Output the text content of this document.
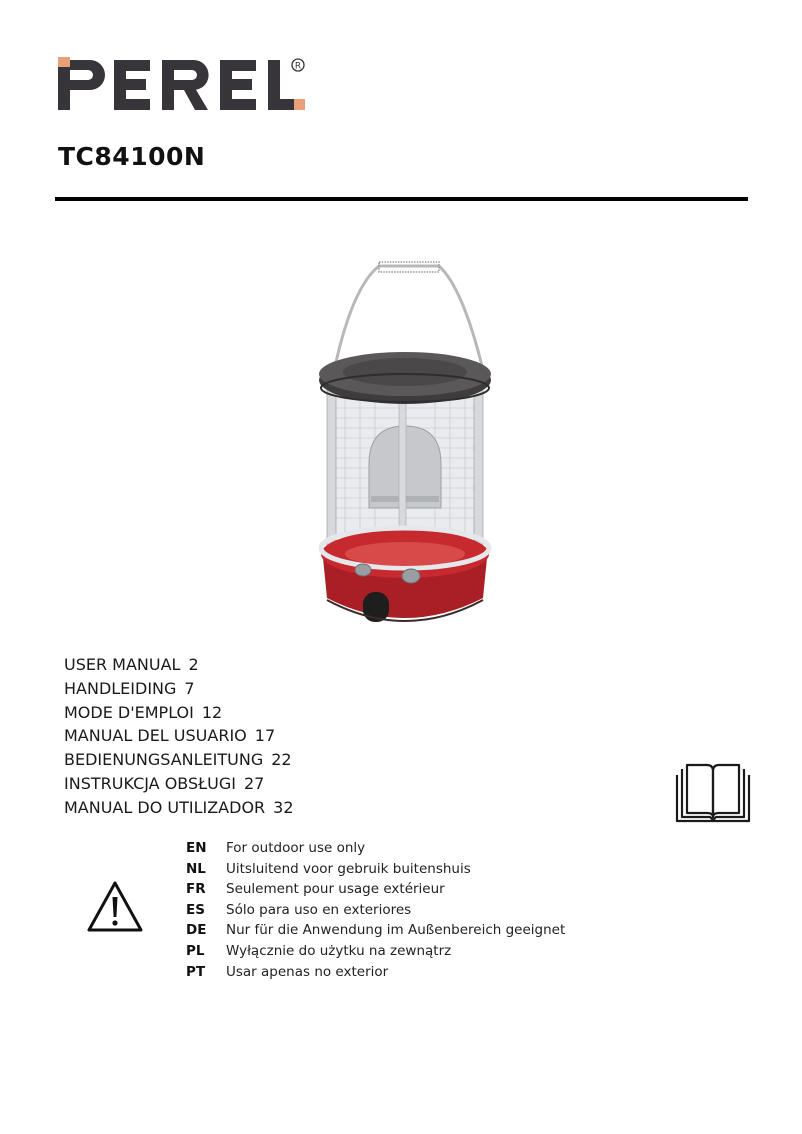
R
TC84100N
USER MANUAL 2
HANDLEIDING 7
MODE D'EMPLOI 12
MANUAL DEL USUARIO 17
BEDIENUNGSANLEITUNG 22
INSTRUKCJA OBSŁUGI 27
MANUAL DO UTILIZADOR 32
EN	For outdoor use only
NL	Uitsluitend voor gebruik buitenshuis
FR	Seulement pour usage extérieur
ES	Sólo para uso en exteriores
DE	Nur für die Anwendung im Außenbereich geeignet
PL	Wyłącznie do użytku na zewnątrz
PT	Usar apenas no exterior
